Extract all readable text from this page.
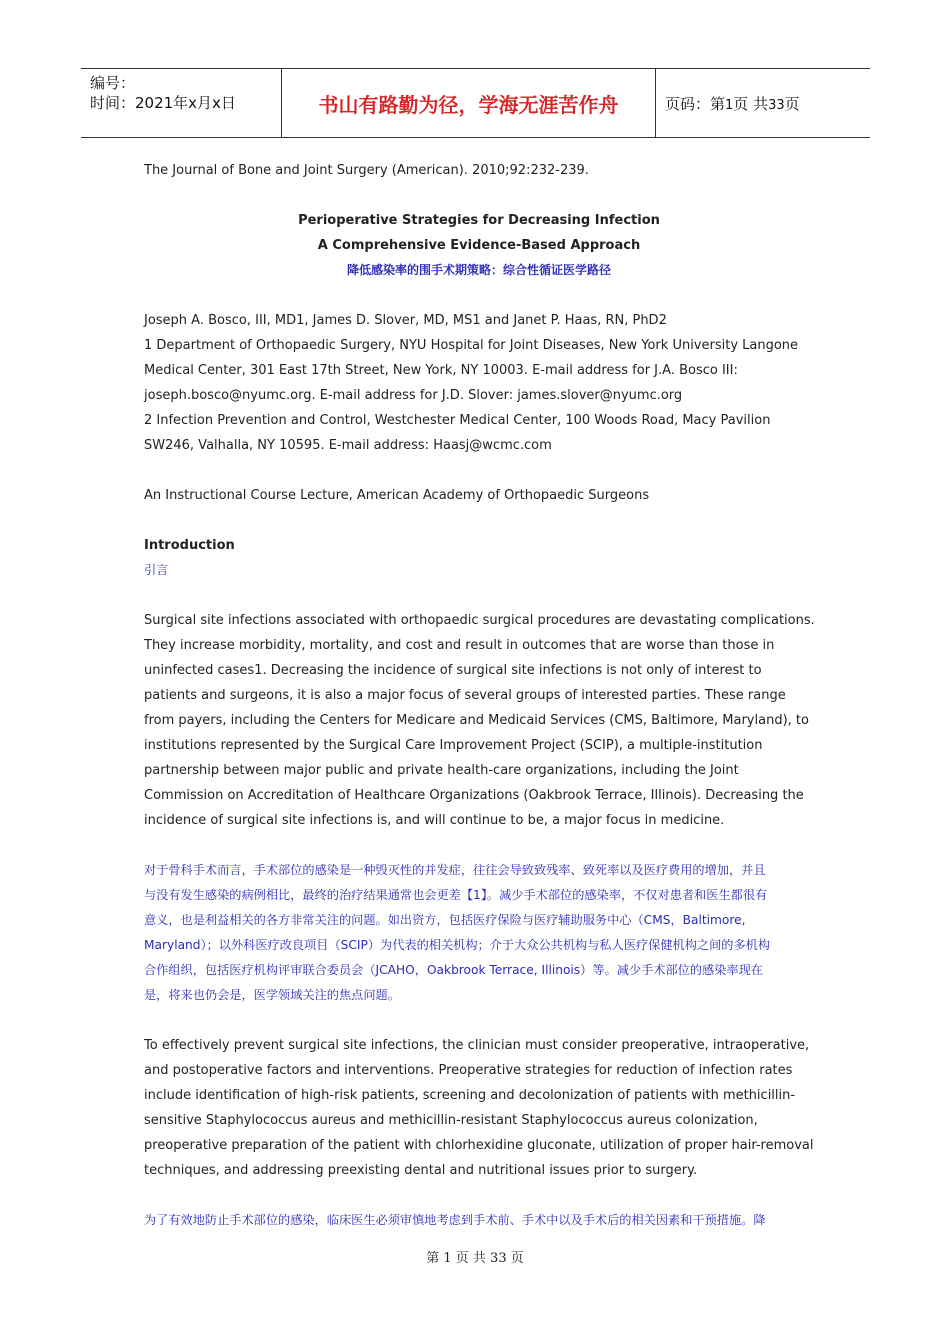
编号：
时间：2021年x月x日	书山有路勤为径，学海无涯苦作舟	页码：第1页 共33页
The Journal of Bone and Joint Surgery (American). 2010;92:232-239.
Perioperative Strategies for Decreasing Infection
A Comprehensive Evidence-Based Approach
降低感染率的围手术期策略：综合性循证医学路径
Joseph A. Bosco, III, MD1, James D. Slover, MD, MS1 and Janet P. Haas, RN, PhD2
1 Department of Orthopaedic Surgery, NYU Hospital for Joint Diseases, New York University Langone
Medical Center, 301 East 17th Street, New York, NY 10003. E-mail address for J.A. Bosco III:
joseph.bosco@nyumc.org. E-mail address for J.D. Slover: james.slover@nyumc.org
2 Infection Prevention and Control, Westchester Medical Center, 100 Woods Road, Macy Pavilion
SW246, Valhalla, NY 10595. E-mail address: Haasj@wcmc.com
An Instructional Course Lecture, American Academy of Orthopaedic Surgeons
Introduction
引言
Surgical site infections associated with orthopaedic surgical procedures are devastating complications.
They increase morbidity, mortality, and cost and result in outcomes that are worse than those in
uninfected cases1. Decreasing the incidence of surgical site infections is not only of interest to
patients and surgeons, it is also a major focus of several groups of interested parties. These range
from payers, including the Centers for Medicare and Medicaid Services (CMS, Baltimore, Maryland), to
institutions represented by the Surgical Care Improvement Project (SCIP), a multiple-institution
partnership between major public and private health-care organizations, including the Joint
Commission on Accreditation of Healthcare Organizations (Oakbrook Terrace, Illinois). Decreasing the
incidence of surgical site infections is, and will continue to be, a major focus in medicine.
对于骨科手术而言，手术部位的感染是一种毁灭性的并发症，往往会导致致残率、致死率以及医疗费用的增加，并且
与没有发生感染的病例相比，最终的治疗结果通常也会更差【1】。减少手术部位的感染率，不仅对患者和医生都很有
意义，也是利益相关的各方非常关注的问题。如出资方，包括医疗保险与医疗辅助服务中心（CMS，Baltimore,
Maryland）；以外科医疗改良项目（SCIP）为代表的相关机构；介于大众公共机构与私人医疗保健机构之间的多机构
合作组织，包括医疗机构评审联合委员会（JCAHO，Oakbrook Terrace, Illinois）等。减少手术部位的感染率现在
是，将来也仍会是，医学领域关注的焦点问题。
To effectively prevent surgical site infections, the clinician must consider preoperative, intraoperative,
and postoperative factors and interventions. Preoperative strategies for reduction of infection rates
include identification of high-risk patients, screening and decolonization of patients with methicillin-
sensitive Staphylococcus aureus and methicillin-resistant Staphylococcus aureus colonization,
preoperative preparation of the patient with chlorhexidine gluconate, utilization of proper hair-removal
techniques, and addressing preexisting dental and nutritional issues prior to surgery.
为了有效地防止手术部位的感染，临床医生必须审慎地考虑到手术前、手术中以及手术后的相关因素和干预措施。降
第 1 页 共 33 页
